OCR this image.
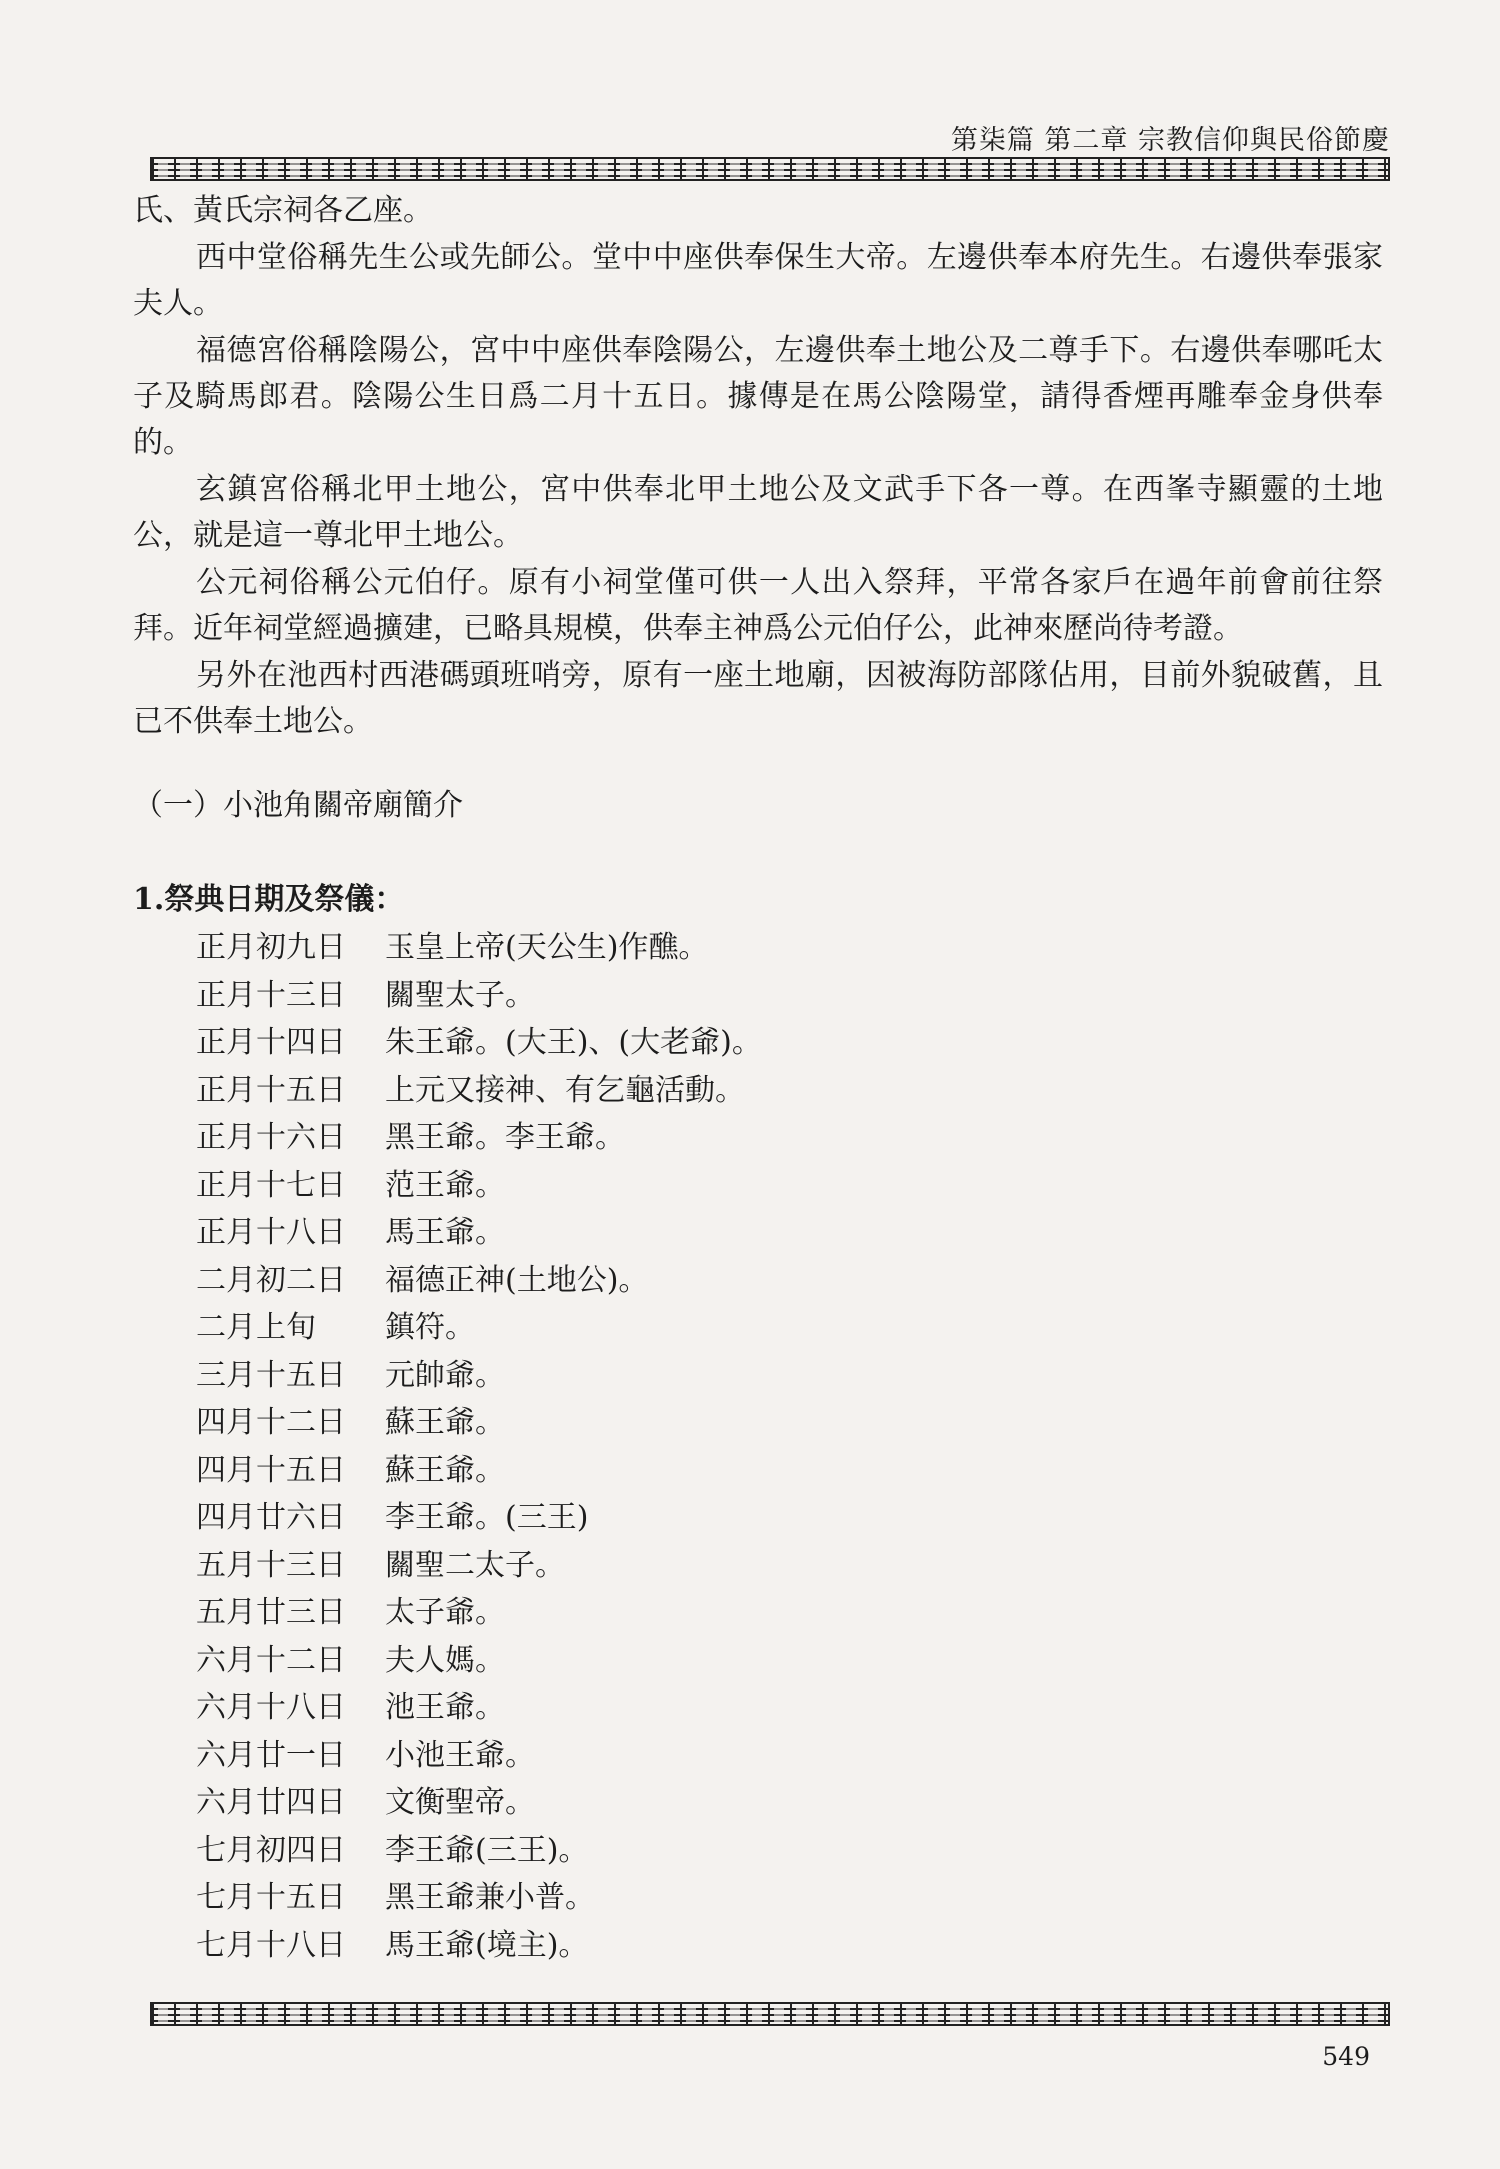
第柒篇 第二章 宗教信仰與民俗節慶

氏、黃氏宗祠各乙座。

西中堂俗稱先生公或先師公。堂中中座供奉保生大帝。左邊供奉本府先生。右邊供奉張家夫人。

福德宮俗稱陰陽公，宮中中座供奉陰陽公，左邊供奉土地公及二尊手下。右邊供奉哪吒太子及騎馬郎君。陰陽公生日爲二月十五日。據傳是在馬公陰陽堂，請得香煙再雕奉金身供奉的。

玄鎮宮俗稱北甲土地公，宮中供奉北甲土地公及文武手下各一尊。在西峯寺顯靈的土地公，就是這一尊北甲土地公。

公元祠俗稱公元伯仔。原有小祠堂僅可供一人出入祭拜，平常各家戶在過年前會前往祭拜。近年祠堂經過擴建，已略具規模，供奉主神爲公元伯仔公，此神來歷尚待考證。

另外在池西村西港碼頭班哨旁，原有一座土地廟，因被海防部隊佔用，目前外貌破舊，且已不供奉土地公。

（一）小池角關帝廟簡介

1.祭典日期及祭儀：

正月初九日	玉皇上帝(天公生)作醮。
正月十三日	關聖太子。
正月十四日	朱王爺。(大王)、(大老爺)。
正月十五日	上元又接神、有乞龜活動。
正月十六日	黑王爺。李王爺。
正月十七日	范王爺。
正月十八日	馬王爺。
二月初二日	福德正神(土地公)。
二月上旬	鎮符。
三月十五日	元帥爺。
四月十二日	蘇王爺。
四月十五日	蘇王爺。
四月廿六日	李王爺。(三王)
五月十三日	關聖二太子。
五月廿三日	太子爺。
六月十二日	夫人媽。
六月十八日	池王爺。
六月廿一日	小池王爺。
六月廿四日	文衡聖帝。
七月初四日	李王爺(三王)。
七月十五日	黑王爺兼小普。
七月十八日	馬王爺(境主)。
549
